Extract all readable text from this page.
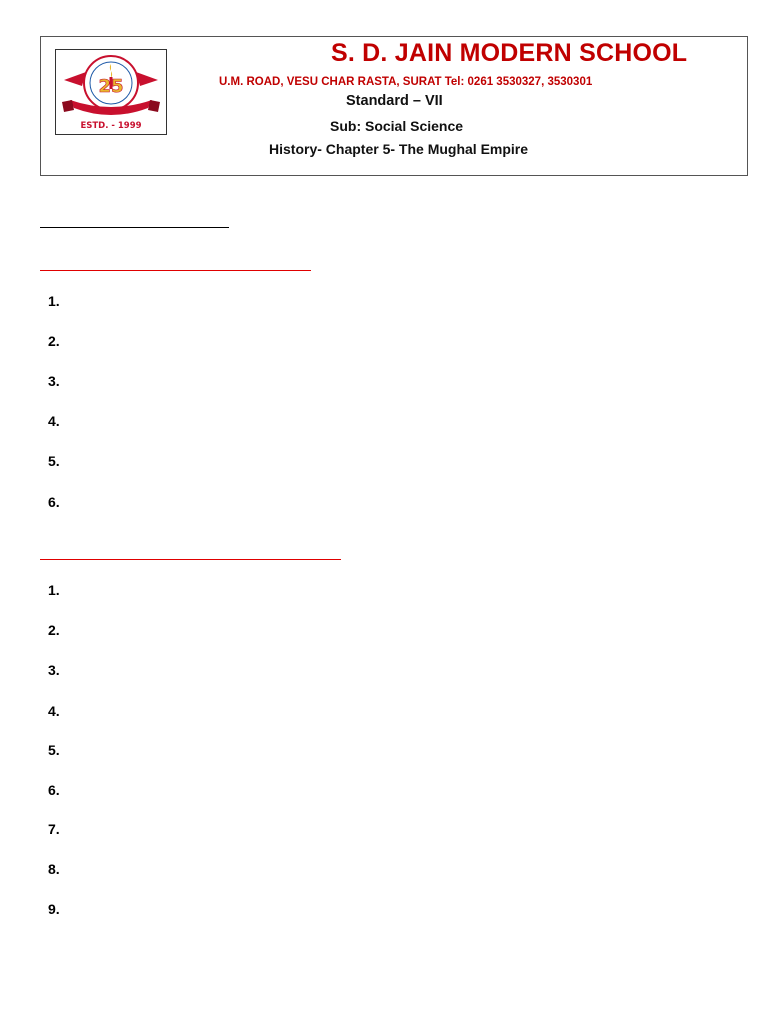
25
ESTD. - 1999
S. D. JAIN MODERN SCHOOL
U.M. ROAD, VESU CHAR RASTA, SURAT Tel: 0261 3530327, 3530301
Standard – VII
Sub: Social Science
History- Chapter 5- The Mughal Empire
1.
2.
3.
4.
5.
6.
1.
2.
3.
4.
5.
6.
7.
8.
9.
